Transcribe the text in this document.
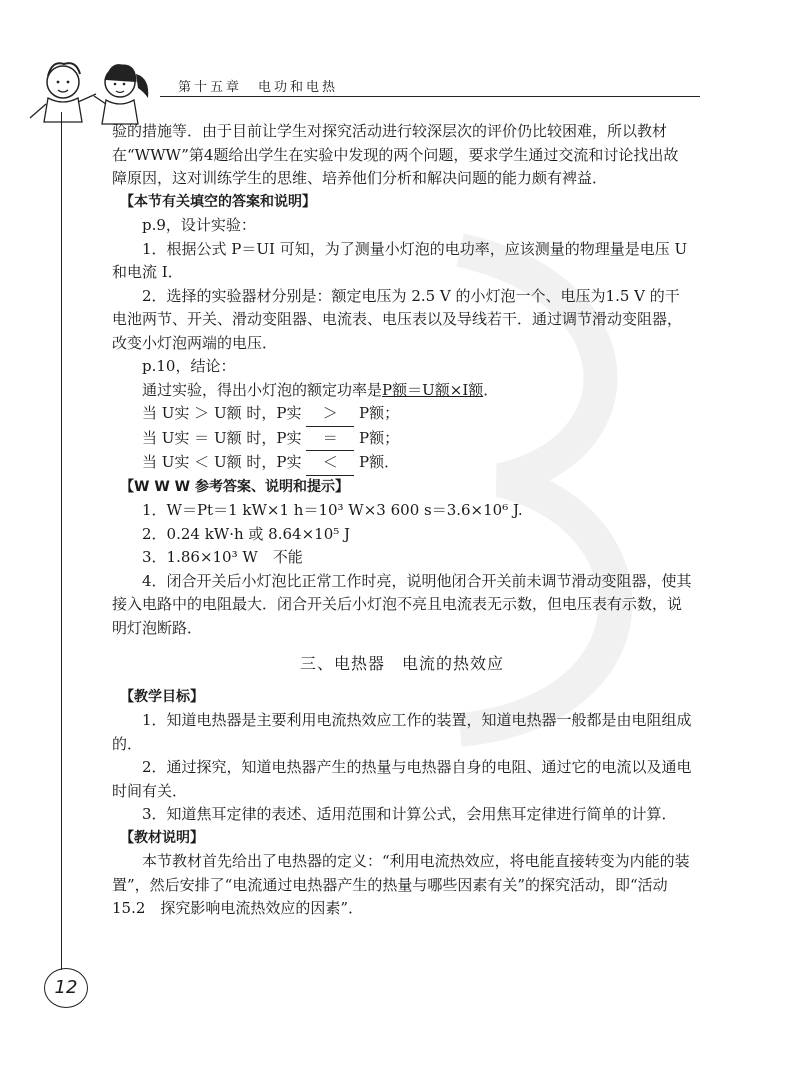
第十五章　电功和电热

验的措施等．由于目前让学生对探究活动进行较深层次的评价仍比较困难，所以教材在“WWW”第4题给出学生在实验中发现的两个问题，要求学生通过交流和讨论找出故障原因，这对训练学生的思维、培养他们分析和解决问题的能力颇有裨益．

【本节有关填空的答案和说明】

p.9，设计实验：

1．根据公式 P＝UI 可知，为了测量小灯泡的电功率，应该测量的物理量是电压 U 和电流 I．

2．选择的实验器材分别是：额定电压为 2.5 V 的小灯泡一个、电压为1.5 V 的干电池两节、开关、滑动变阻器、电流表、电压表以及导线若干．通过调节滑动变阻器，改变小灯泡两端的电压．

p.10，结论：

通过实验，得出小灯泡的额定功率是P额＝U额×I额．

当 U实 ＞ U额 时，P实 ＞ P额；

当 U实 ＝ U额 时，P实 ＝ P额；

当 U实 ＜ U额 时，P实 ＜ P额．

【W W W 参考答案、说明和提示】

1．W＝Pt＝1 kW×1 h＝10³ W×3 600 s＝3.6×10⁶ J.

2．0.24 kW·h 或 8.64×10⁵ J

3．1.86×10³ W　不能

4．闭合开关后小灯泡比正常工作时亮，说明他闭合开关前未调节滑动变阻器，使其接入电路中的电阻最大．闭合开关后小灯泡不亮且电流表无示数，但电压表有示数，说明灯泡断路．

三、电热器　电流的热效应

【教学目标】

1．知道电热器是主要利用电流热效应工作的装置，知道电热器一般都是由电阻组成的．

2．通过探究，知道电热器产生的热量与电热器自身的电阻、通过它的电流以及通电时间有关．

3．知道焦耳定律的表述、适用范围和计算公式，会用焦耳定律进行简单的计算．

【教材说明】

本节教材首先给出了电热器的定义：“利用电流热效应，将电能直接转变为内能的装置”，然后安排了“电流通过电热器产生的热量与哪些因素有关”的探究活动，即“活动 15.2　探究影响电流热效应的因素”．

12
